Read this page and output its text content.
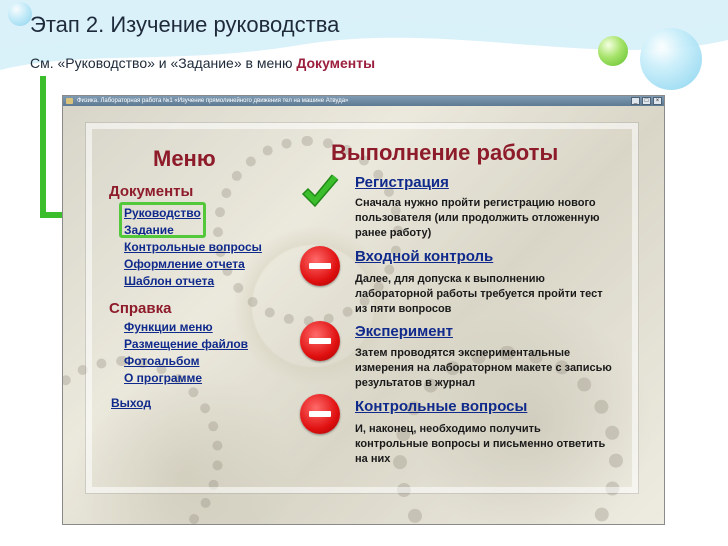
Этап 2. Изучение руководства
См. «Руководство» и «Задание» в меню Документы
Физика. Лабораторная работа №1 «Изучение прямолинейного движения тел на машине Атвуда»	_	□	×
Меню	Выполнение работы
Документы
Руководство
Задание
Контрольные вопросы
Оформление отчета
Шаблон отчета
Справка
Функции меню
Размещение файлов
Фотоальбом
О программе
Выход
Регистрация
Сначала нужно пройти регистрацию нового пользователя (или продолжить отложенную ранее работу)
Входной контроль
Далее, для допуска к выполнению лабораторной работы требуется пройти тест из пяти вопросов
Эксперимент
Затем проводятся экспериментальные измерения на лабораторном макете с записью результатов в журнал
Контрольные вопросы
И, наконец, необходимо получить контрольные вопросы и письменно ответить на них
